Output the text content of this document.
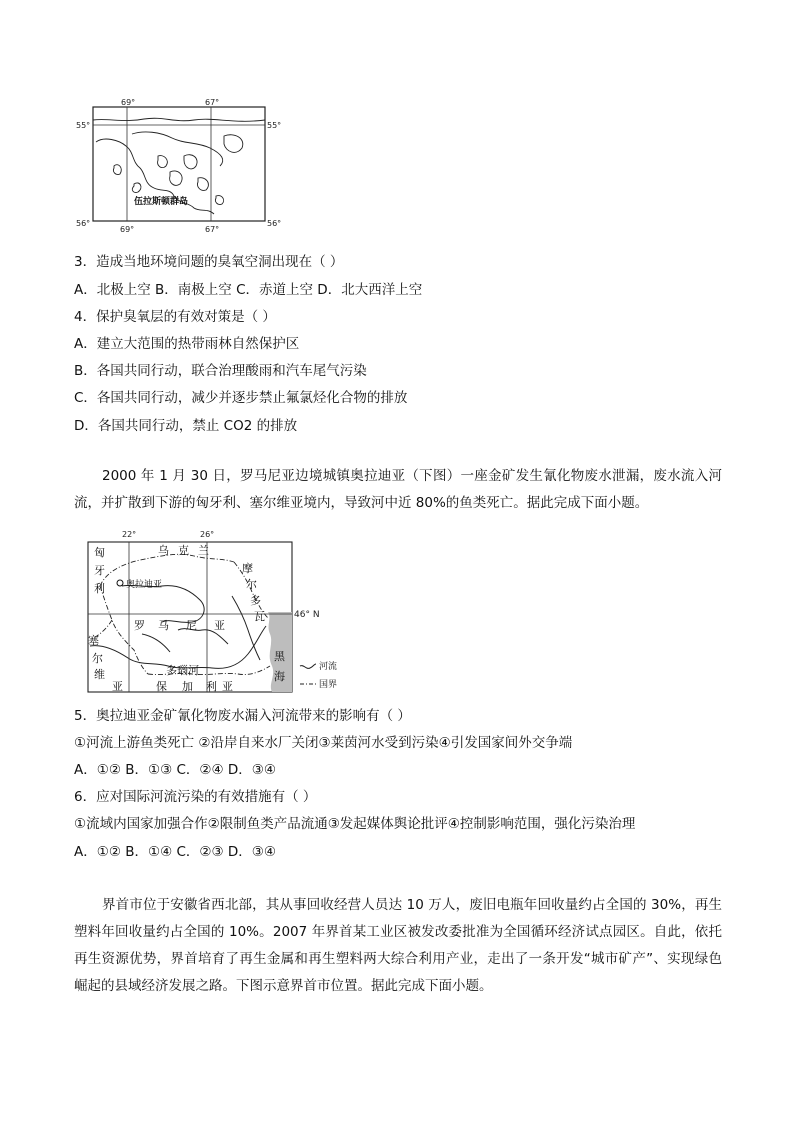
69°	67°
69°	67°
55°
56°
55°
56°
伍拉斯顿群岛
3．造成当地环境问题的臭氧空洞出现在（ ）
A．北极上空 B．南极上空 C．赤道上空 D．北大西洋上空
4．保护臭氧层的有效对策是（ ）
A．建立大范围的热带雨林自然保护区
B．各国共同行动，联合治理酸雨和汽车尾气污染
C．各国共同行动，减少并逐步禁止氟氯烃化合物的排放
D．各国共同行动，禁止 CO2 的排放
2000 年 1 月 30 日，罗马尼亚边境城镇奥拉迪亚（下图）一座金矿发生氰化物废水泄漏，废水流入河流，并扩散到下游的匈牙利、塞尔维亚境内，导致河中近 80%的鱼类死亡。据此完成下面小题。
22°	26°
46° N
匈
牙
利
乌 克 兰
摩
尔
多
瓦
罗 马 尼 亚
塞
尔
维
亚	保 加 利 亚
多瑙河
黑
海
奥拉迪亚
河流
国界
5．奥拉迪亚金矿氰化物废水漏入河流带来的影响有（ ）
①河流上游鱼类死亡 ②沿岸自来水厂关闭③莱茵河水受到污染④引发国家间外交争端
A．①② B．①③ C．②④ D．③④
6．应对国际河流污染的有效措施有（ ）
①流域内国家加强合作②限制鱼类产品流通③发起媒体舆论批评④控制影响范围，强化污染治理
A．①② B．①④ C．②③ D．③④
界首市位于安徽省西北部，其从事回收经营人员达 10 万人，废旧电瓶年回收量约占全国的 30%，再生塑料年回收量约占全国的 10%。2007 年界首某工业区被发改委批准为全国循环经济试点园区。自此，依托再生资源优势，界首培育了再生金属和再生塑料两大综合利用产业，走出了一条开发“城市矿产”、实现绿色崛起的县域经济发展之路。下图示意界首市位置。据此完成下面小题。
